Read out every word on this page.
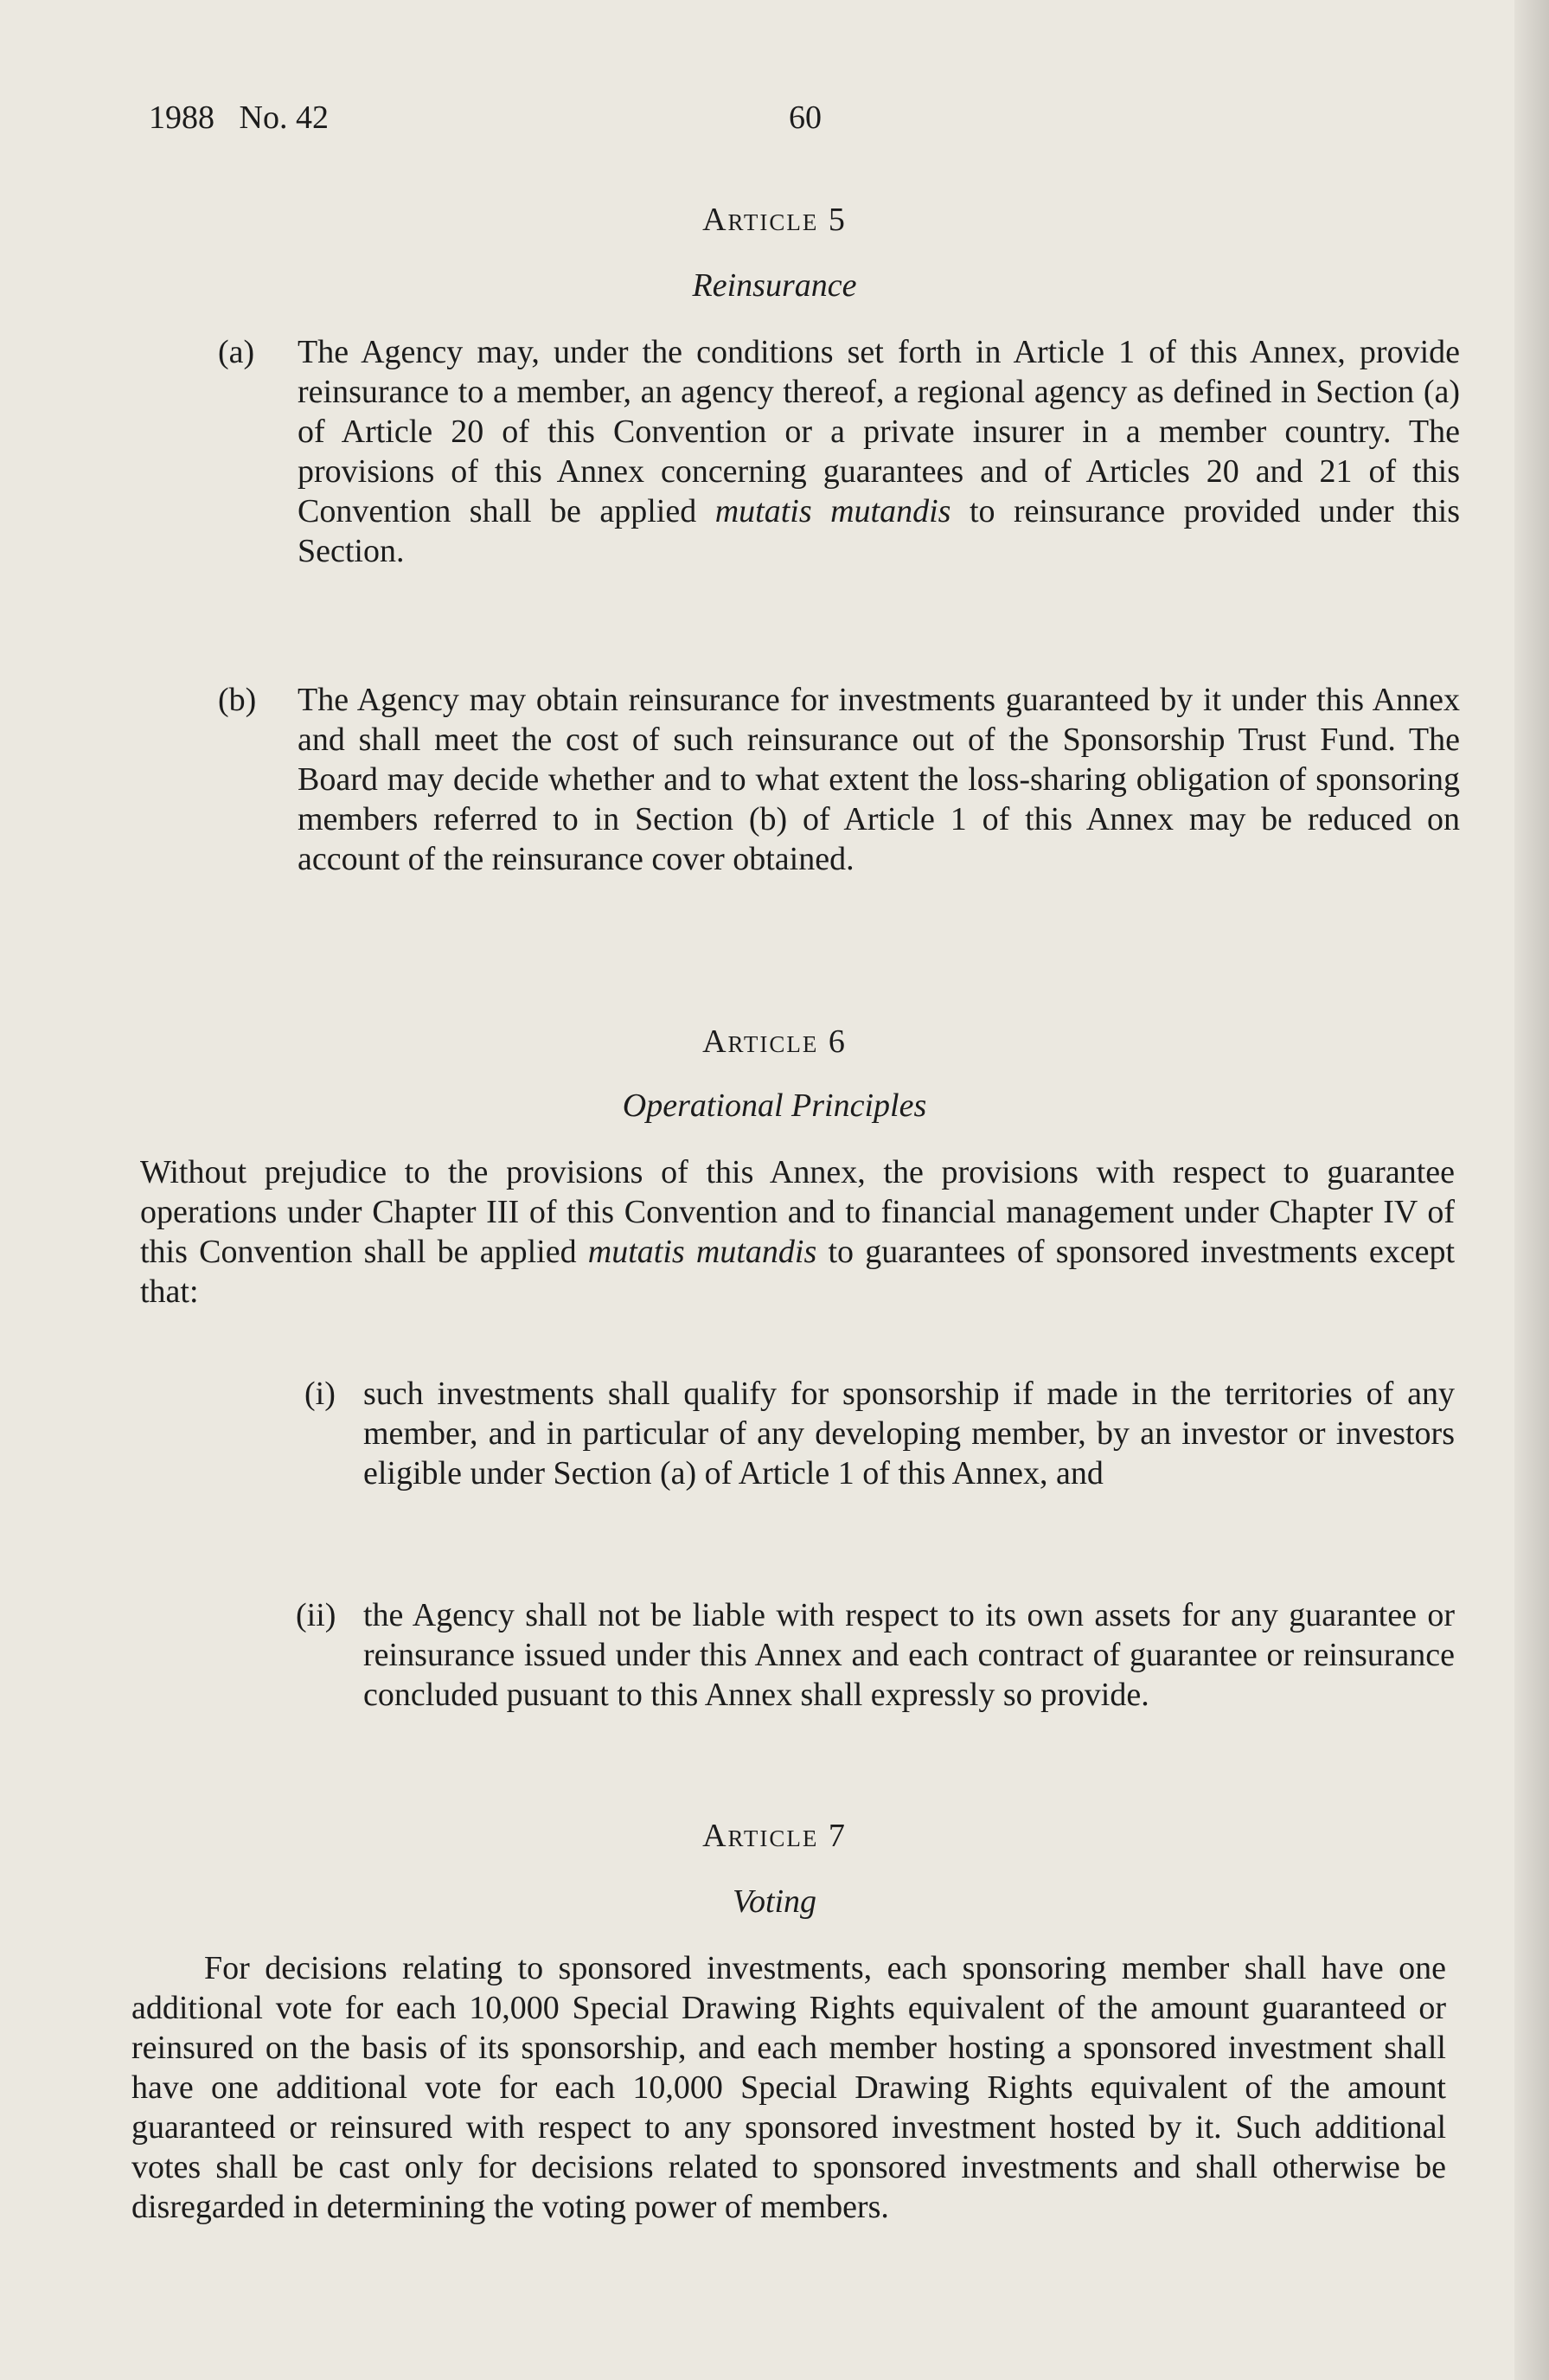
1988   No. 42	60
Article 5
Reinsurance
(a) The Agency may, under the conditions set forth in Article 1 of this Annex, provide reinsurance to a member, an agency thereof, a regional agency as defined in Section (a) of Article 20 of this Convention or a private insurer in a member country. The provisions of this Annex concerning guarantees and of Articles 20 and 21 of this Convention shall be applied mutatis mutandis to reinsurance provided under this Section.

(b) The Agency may obtain reinsurance for investments guaranteed by it under this Annex and shall meet the cost of such reinsurance out of the Sponsorship Trust Fund. The Board may decide whether and to what extent the loss-sharing obligation of sponsoring members referred to in Section (b) of Article 1 of this Annex may be reduced on account of the reinsurance cover obtained.

Article 6
Operational Principles

Without prejudice to the provisions of this Annex, the provisions with respect to guarantee operations under Chapter III of this Convention and to financial management under Chapter IV of this Convention shall be applied mutatis mutandis to guarantees of sponsored investments except that:

(i) such investments shall qualify for sponsorship if made in the territories of any member, and in particular of any developing member, by an investor or investors eligible under Section (a) of Article 1 of this Annex, and

(ii) the Agency shall not be liable with respect to its own assets for any guarantee or reinsurance issued under this Annex and each contract of guarantee or reinsurance concluded pusuant to this Annex shall expressly so provide.

Article 7
Voting

For decisions relating to sponsored investments, each sponsoring member shall have one additional vote for each 10,000 Special Drawing Rights equivalent of the amount guaranteed or reinsured on the basis of its sponsorship, and each member hosting a sponsored investment shall have one additional vote for each 10,000 Special Drawing Rights equivalent of the amount guaranteed or reinsured with respect to any sponsored investment hosted by it. Such additional votes shall be cast only for decisions related to sponsored investments and shall otherwise be disregarded in determining the voting power of members.
